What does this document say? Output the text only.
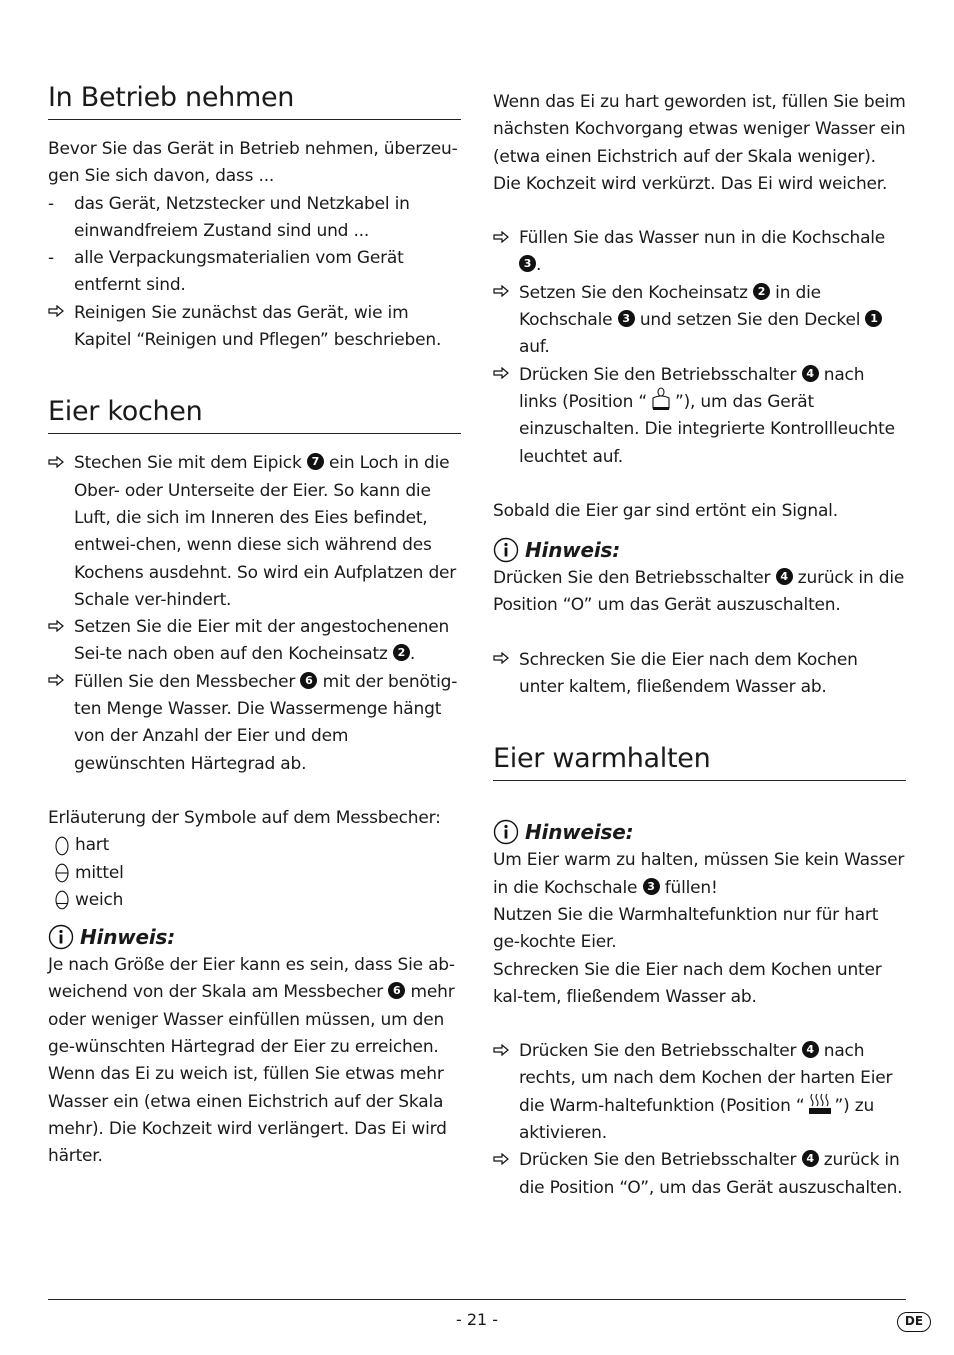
In Betrieb nehmen

Bevor Sie das Gerät in Betrieb nehmen, überzeu-gen Sie sich davon, dass ...

-	das Gerät, Netzstecker und Netzkabel in einwandfreiem Zustand sind und ...
-	alle Verpackungsmaterialien vom Gerät entfernt sind.
Reinigen Sie zunächst das Gerät, wie im Kapitel “Reinigen und Pflegen” beschrieben.
Eier kochen
Stechen Sie mit dem Eipick 7 ein Loch in die Ober- oder Unterseite der Eier. So kann die Luft, die sich im Inneren des Eies befindet, entwei-chen, wenn diese sich während des Kochens ausdehnt. So wird ein Aufplatzen der Schale ver-hindert.
Setzen Sie die Eier mit der angestochenenen Sei-te nach oben auf den Kocheinsatz 2 .
Füllen Sie den Messbecher 6 mit der benötig-ten Menge Wasser. Die Wassermenge hängt von der Anzahl der Eier und dem gewünschten Härtegrad ab.

Erläuterung der Symbole auf dem Messbecher:

hart
mittel
weich
Hinweis:

Je nach Größe der Eier kann es sein, dass Sie ab-weichend von der Skala am Messbecher 6 mehr oder weniger Wasser einfüllen müssen, um den ge-wünschten Härtegrad der Eier zu erreichen.

Wenn das Ei zu weich ist, füllen Sie etwas mehr Wasser ein (etwa einen Eichstrich auf der Skala mehr). Die Kochzeit wird verlängert. Das Ei wird härter.

Wenn das Ei zu hart geworden ist, füllen Sie beim nächsten Kochvorgang etwas weniger Wasser ein (etwa einen Eichstrich auf der Skala weniger). Die Kochzeit wird verkürzt. Das Ei wird weicher.

Füllen Sie das Wasser nun in die Kochschale 3 .
Setzen Sie den Kocheinsatz 2 in die Kochschale 3 und setzen Sie den Deckel 1 auf.
Drücken Sie den Betriebsschalter 4 nach links (Position “ ”), um das Gerät einzuschalten. Die integrierte Kontrollleuchte leuchtet auf.

Sobald die Eier gar sind ertönt ein Signal.

Hinweis:

Drücken Sie den Betriebsschalter 4 zurück in die Position “O” um das Gerät auszuschalten.

Schrecken Sie die Eier nach dem Kochen unter kaltem, fließendem Wasser ab.
Eier warmhalten
Hinweise:

Um Eier warm zu halten, müssen Sie kein Wasser in die Kochschale 3 füllen!

Nutzen Sie die Warmhaltefunktion nur für hart ge-kochte Eier.

Schrecken Sie die Eier nach dem Kochen unter kal-tem, fließendem Wasser ab.

Drücken Sie den Betriebsschalter 4 nach rechts, um nach dem Kochen der harten Eier die Warm-haltefunktion (Position “ ”) zu aktivieren.
Drücken Sie den Betriebsschalter 4 zurück in die Position “O”, um das Gerät auszuschalten.
- 21 -	DE
